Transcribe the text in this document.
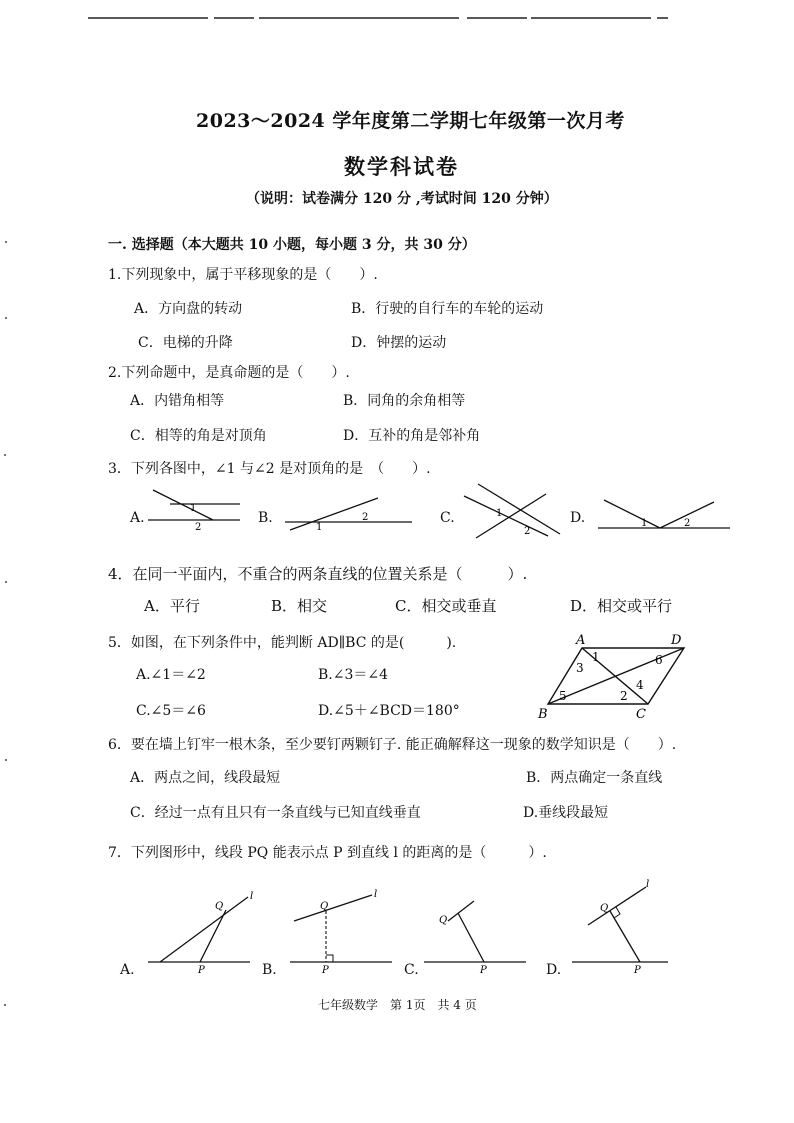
2023～2024 学年度第二学期七年级第一次月考
数学科试卷
（说明：试卷满分 120 分 ,考试时间 120 分钟）
一. 选择题（本大题共 10 小题，每小题 3 分，共 30 分）
1.下列现象中，属于平移现象的是（　　）.
A．方向盘的转动	B．行驶的自行车的车轮的运动
C．电梯的升降	D．钟摆的运动
2.下列命题中，是真命题的是（　　）.
A．内错角相等	B．同角的余角相等
C．相等的角是对顶角	D．互补的角是邻补角
3．下列各图中，∠1 与∠2 是对顶角的是　（　　）.
A.	B.	C.	D.
1
2	1
2	1
2
1	2
4．在同一平面内，不重合的两条直线的位置关系是（　　　）.
A．平行	B．相交	C．相交或垂直	D．相交或平行
5．如图，在下列条件中，能判断 AD∥BC 的是(　　　).
A.∠1＝∠2	B.∠3＝∠4
C.∠5＝∠6	D.∠5＋∠BCD＝180°
A	D
B	C
1
3
6
4
2
5
6．要在墙上钉牢一根木条，至少要钉两颗钉子. 能正确解释这一现象的数学知识是（　　）.
A．两点之间，线段最短	B．两点确定一条直线
C．经过一点有且只有一条直线与已知直线垂直	D.垂线段最短
7．下列图形中，线段 PQ 能表示点 P 到直线 l 的距离的是（　　　）.
A.	B.	C.	D.
Q
P
l
Q
P
l
Q
P
Q
P
l
七年级数学　第 1页　共 4 页
